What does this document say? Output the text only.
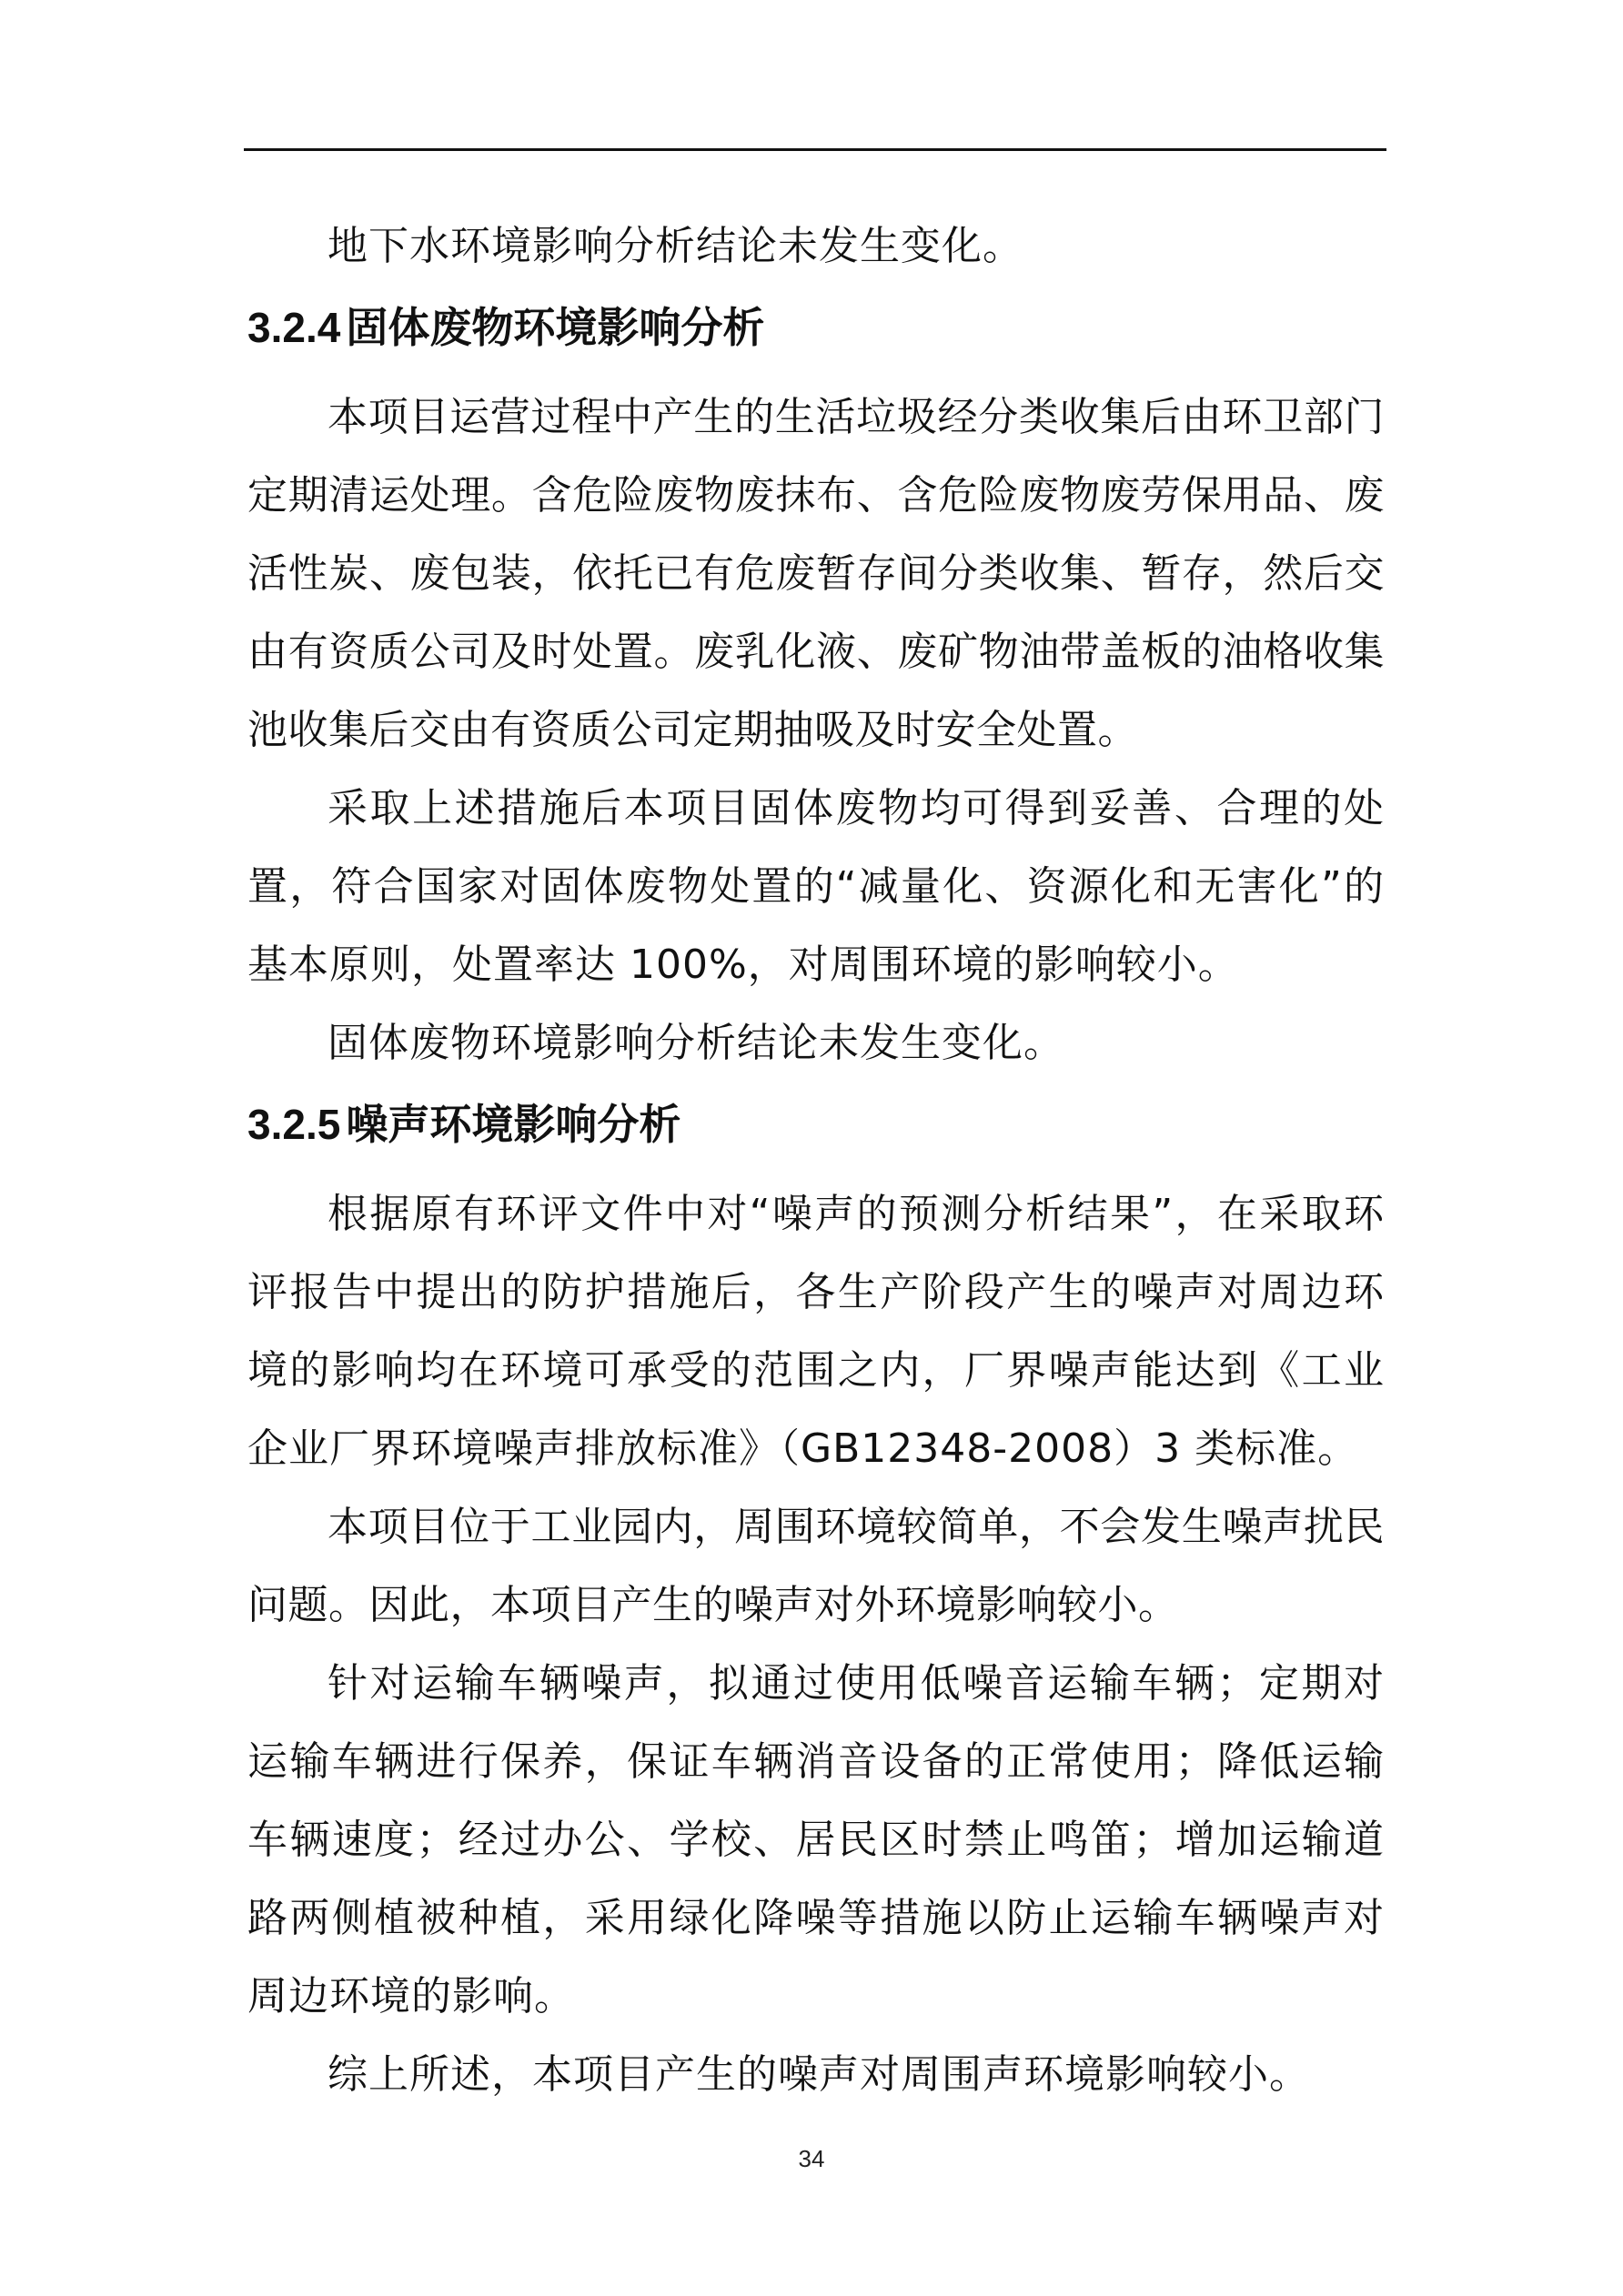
地下水环境影响分析结论未发生变化。

3.2.4 固体废物环境影响分析

本项目运营过程中产生的生活垃圾经分类收集后由环卫部门定期清运处理。含危险废物废抹布、含危险废物废劳保用品、废活性炭、废包装，依托已有危废暂存间分类收集、暂存，然后交由有资质公司及时处置。废乳化液、废矿物油带盖板的油格收集池收集后交由有资质公司定期抽吸及时安全处置。

采取上述措施后本项目固体废物均可得到妥善、合理的处置，符合国家对固体废物处置的“减量化、资源化和无害化”的基本原则，处置率达 100%，对周围环境的影响较小。

固体废物环境影响分析结论未发生变化。

3.2.5 噪声环境影响分析

根据原有环评文件中对“噪声的预测分析结果”，在采取环评报告中提出的防护措施后，各生产阶段产生的噪声对周边环境的影响均在环境可承受的范围之内，厂界噪声能达到《工业企业厂界环境噪声排放标准》（GB12348-2008）3 类标准。

本项目位于工业园内，周围环境较简单，不会发生噪声扰民问题。因此，本项目产生的噪声对外环境影响较小。

针对运输车辆噪声，拟通过使用低噪音运输车辆；定期对运输车辆进行保养，保证车辆消音设备的正常使用；降低运输车辆速度；经过办公、学校、居民区时禁止鸣笛；增加运输道路两侧植被种植，采用绿化降噪等措施以防止运输车辆噪声对周边环境的影响。

综上所述，本项目产生的噪声对周围声环境影响较小。

34
